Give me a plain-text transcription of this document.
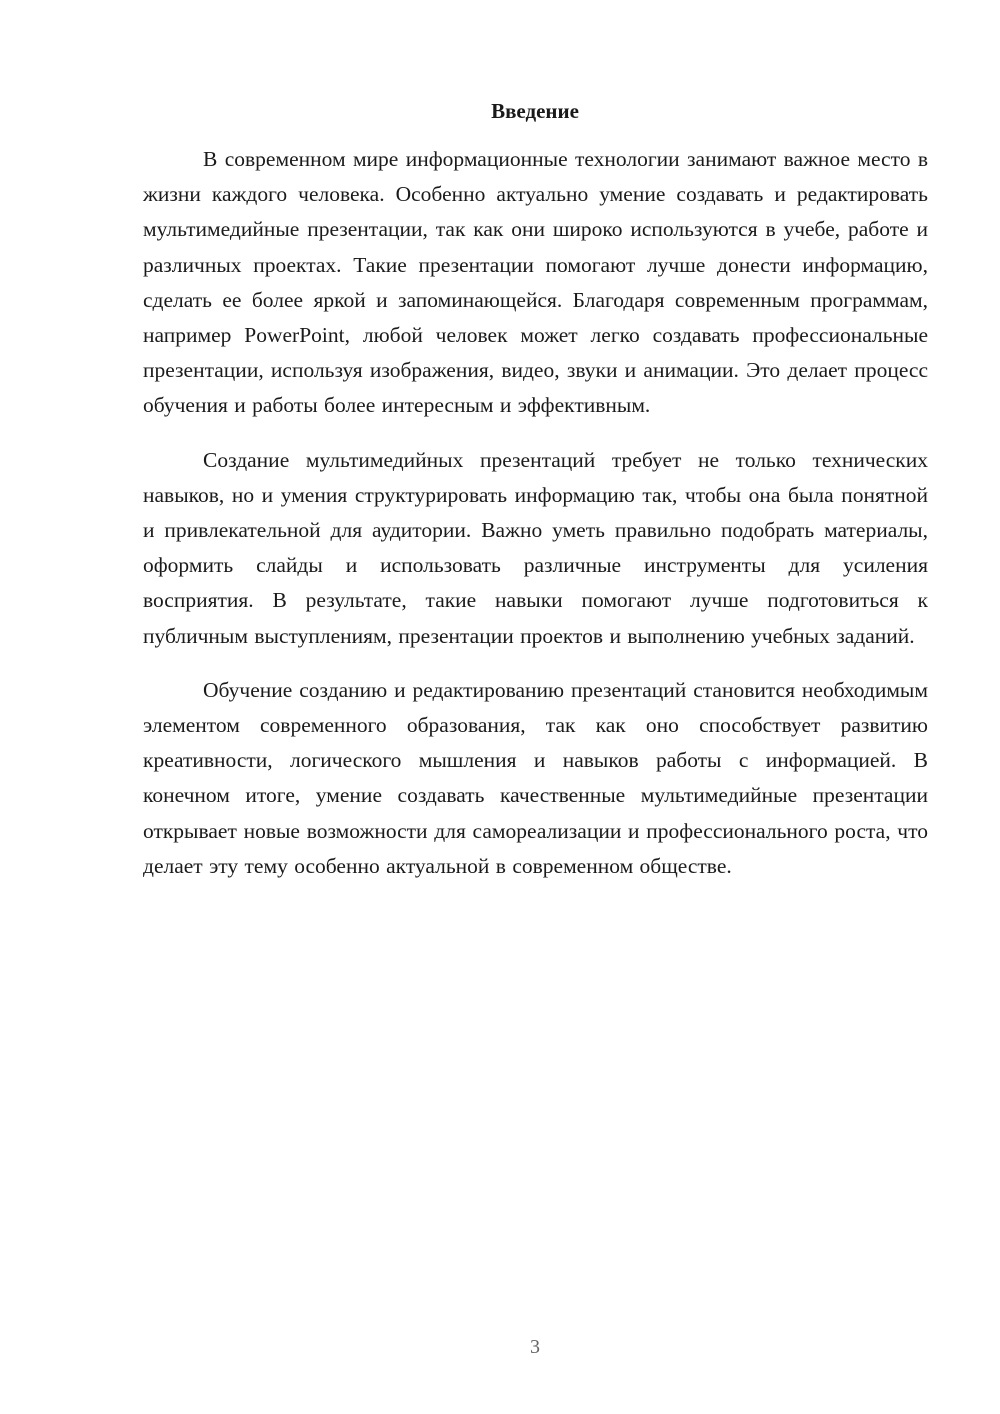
Введение

В современном мире информационные технологии занимают важное место в жизни каждого человека. Особенно актуально умение создавать и редактировать мультимедийные презентации, так как они широко используются в учебе, работе и различных проектах. Такие презентации помогают лучше донести информацию, сделать ее более яркой и запоминающейся. Благодаря современным программам, например PowerPoint, любой человек может легко создавать профессиональные презентации, используя изображения, видео, звуки и анимации. Это делает процесс обучения и работы более интересным и эффективным.

Создание мультимедийных презентаций требует не только технических навыков, но и умения структурировать информацию так, чтобы она была понятной и привлекательной для аудитории. Важно уметь правильно подобрать материалы, оформить слайды и использовать различные инструменты для усиления восприятия. В результате, такие навыки помогают лучше подготовиться к публичным выступлениям, презентации проектов и выполнению учебных заданий.

Обучение созданию и редактированию презентаций становится необходимым элементом современного образования, так как оно способствует развитию креативности, логического мышления и навыков работы с информацией. В конечном итоге, умение создавать качественные мультимедийные презентации открывает новые возможности для самореализации и профессионального роста, что делает эту тему особенно актуальной в современном обществе.

3
